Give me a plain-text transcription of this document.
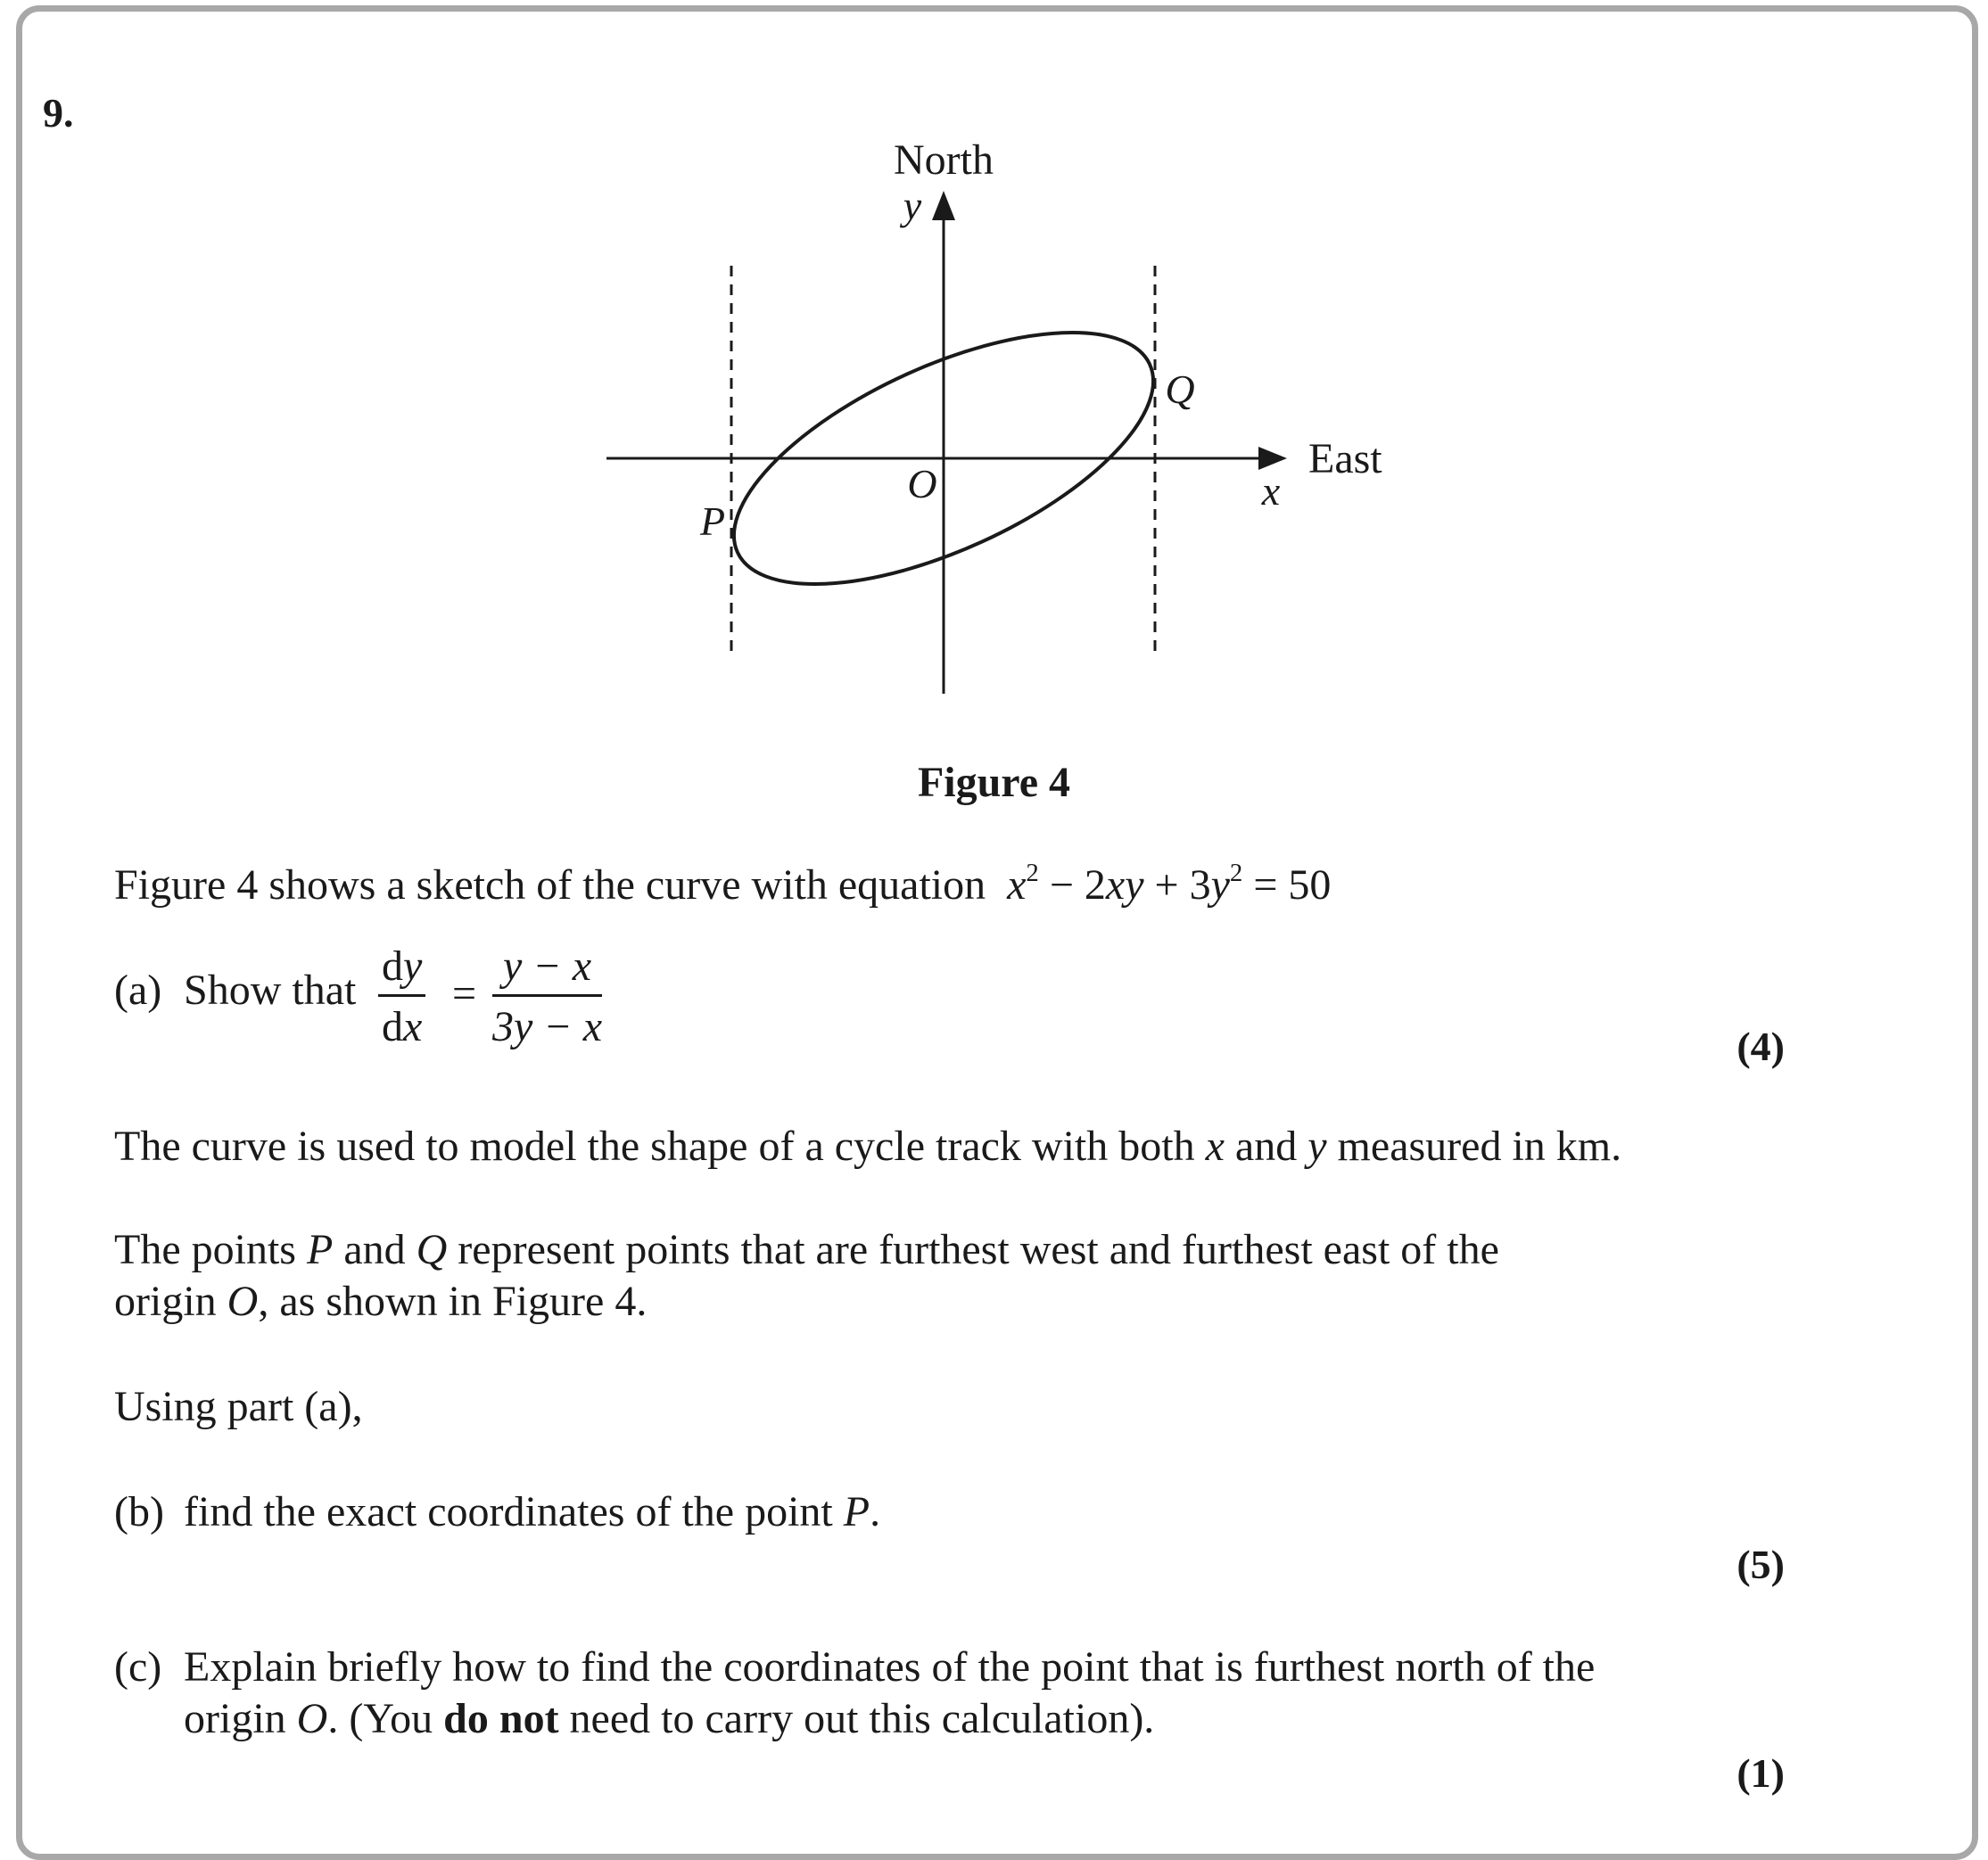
9.
North
y
East
x
O
P
Q
Figure 4
Figure 4 shows a sketch of the curve with equation $x^2 - 2xy + 3y^2 = 50$
(a) Show that $\frac{dy}{dx} = \frac{y - x}{3y - x}$	(4)
The curve is used to model the shape of a cycle track with both x and y measured in km.
The points P and Q represent points that are furthest west and furthest east of the
origin O, as shown in Figure 4.
Using part (a),
(b) find the exact coordinates of the point P.
(5)
(c) Explain briefly how to find the coordinates of the point that is furthest north of the
origin O. (You do not need to carry out this calculation).
(1)
